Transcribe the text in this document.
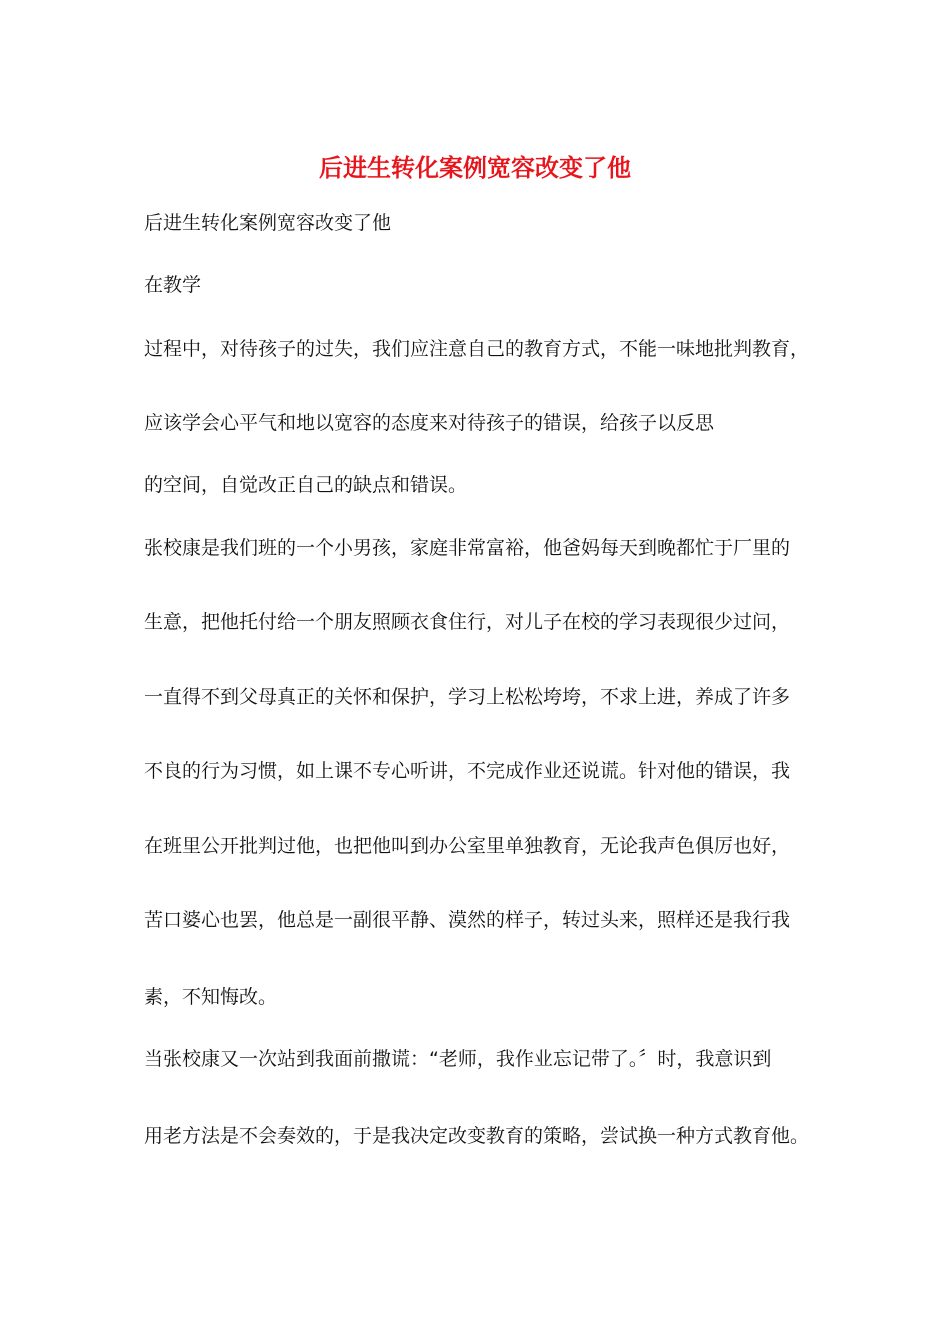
后进生转化案例宽容改变了他
后进生转化案例宽容改变了他
在教学
过程中，对待孩子的过失，我们应注意自己的教育方式，不能一味地批判教育，
应该学会心平气和地以宽容的态度来对待孩子的错误，给孩子以反思
的空间，自觉改正自己的缺点和错误。
张校康是我们班的一个小男孩，家庭非常富裕，他爸妈每天到晚都忙于厂里的
生意，把他托付给一个朋友照顾衣食住行，对儿子在校的学习表现很少过问，
一直得不到父母真正的关怀和保护，学习上松松垮垮，不求上进，养成了许多
不良的行为习惯，如上课不专心听讲，不完成作业还说谎。针对他的错误，我
在班里公开批判过他，也把他叫到办公室里单独教育，无论我声色俱厉也好，
苦口婆心也罢，他总是一副很平静、漠然的样子，转过头来，照样还是我行我
素，不知悔改。
当张校康又一次站到我面前撒谎：“老师，我作业忘记带了。〞时，我意识到
用老方法是不会奏效的，于是我决定改变教育的策略，尝试换一种方式教育他。
